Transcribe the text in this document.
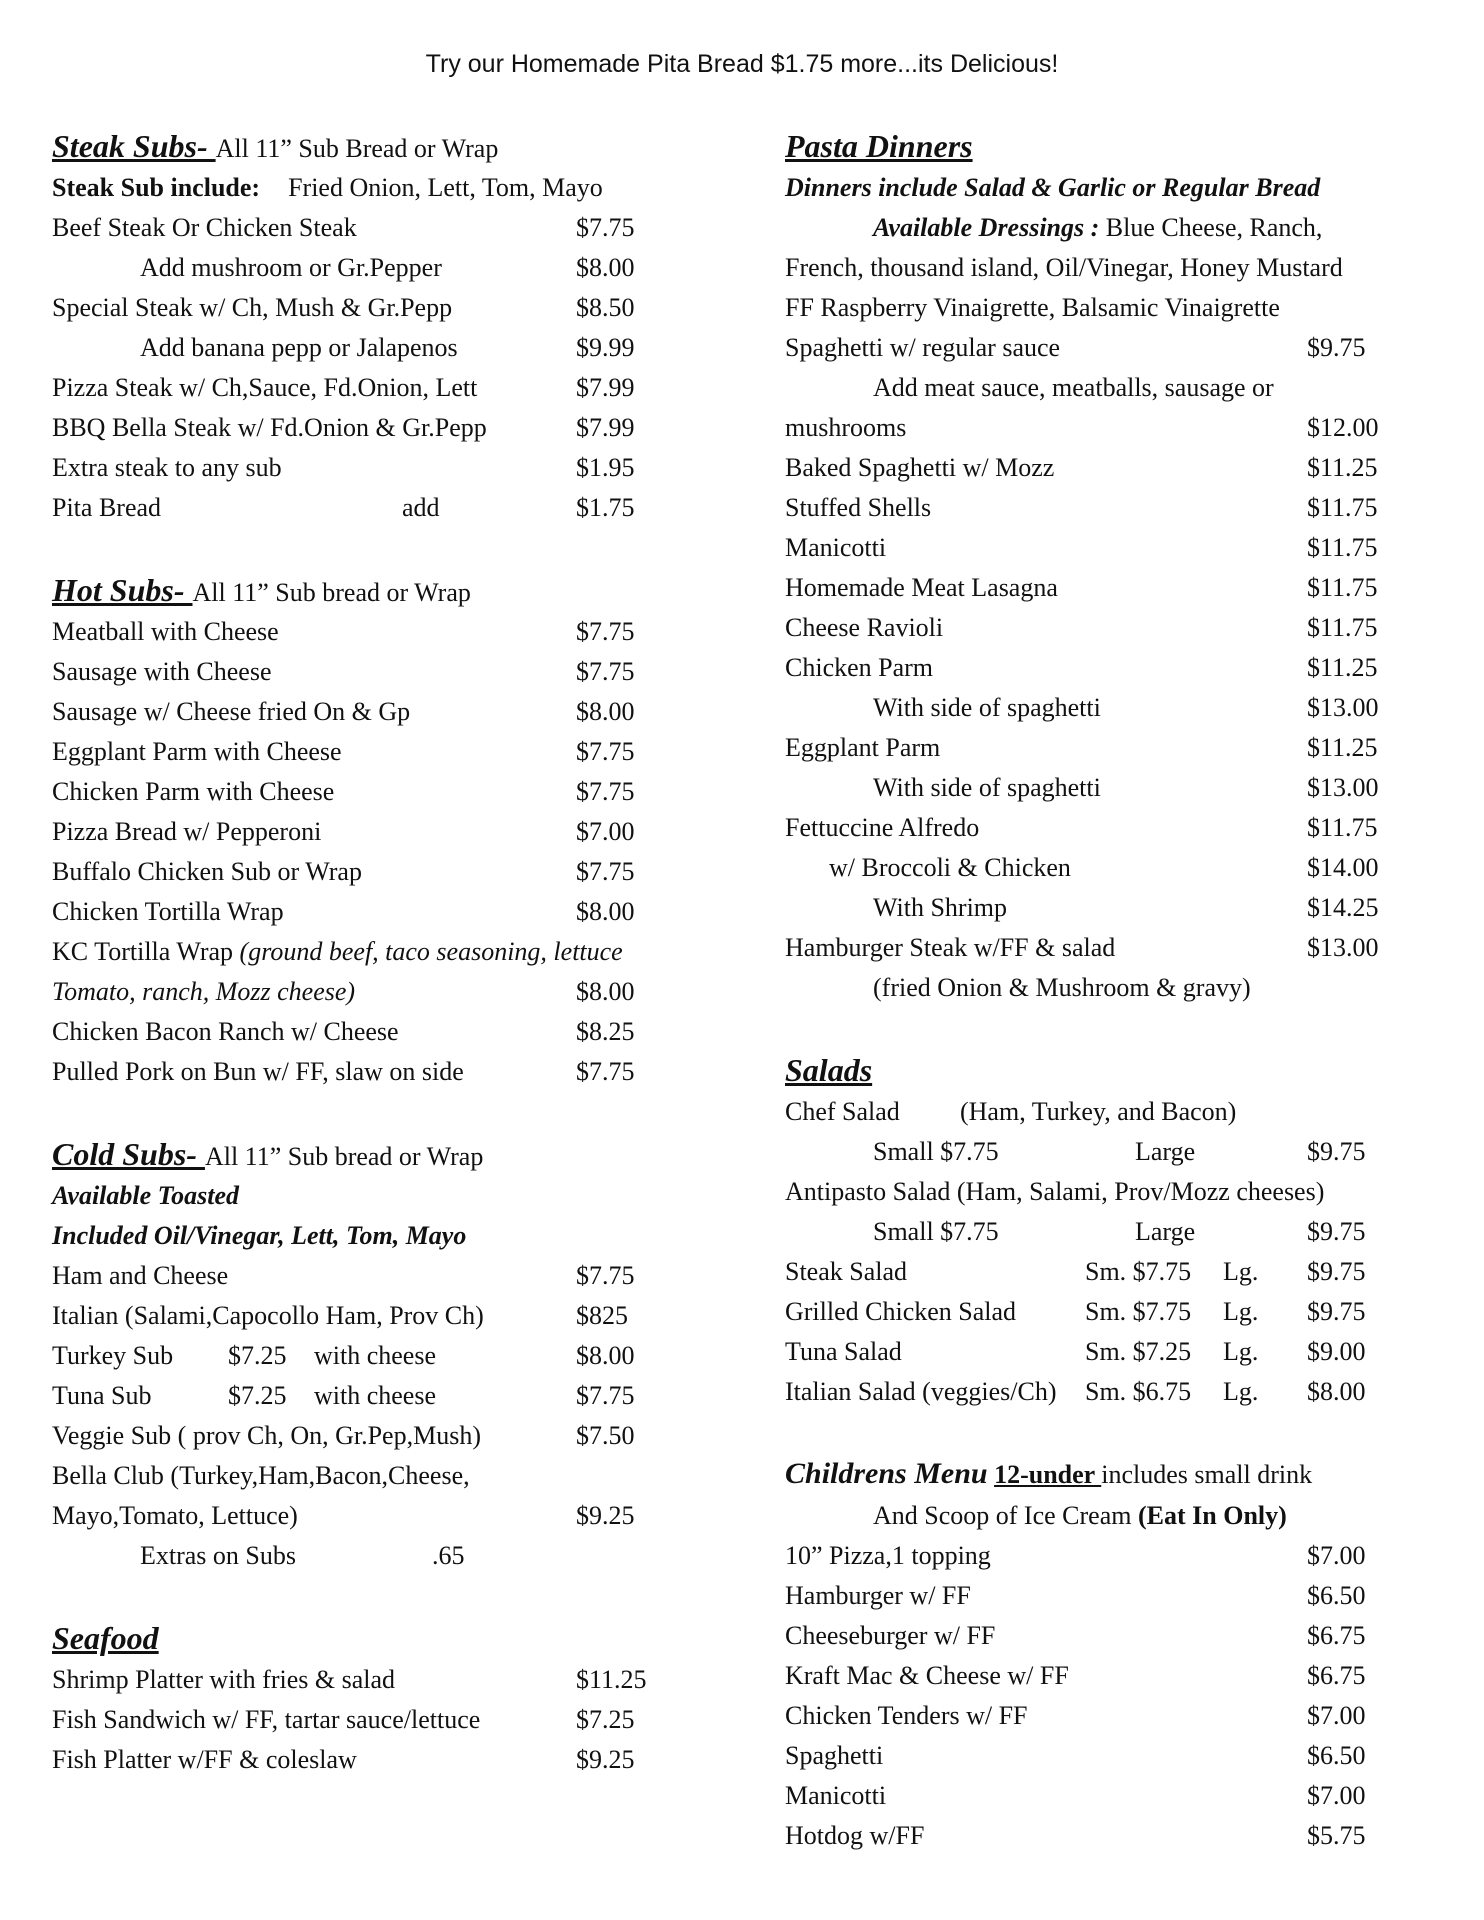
Try our Homemade Pita Bread $1.75 more...its Delicious!
Steak Subs- All 11” Sub Bread or Wrap
Steak Sub include: Fried Onion, Lett, Tom, Mayo
Beef Steak Or Chicken Steak	$7.75
Add mushroom or Gr.Pepper	$8.00
Special Steak w/ Ch, Mush & Gr.Pepp	$8.50
Add banana pepp or Jalapenos	$9.99
Pizza Steak w/ Ch,Sauce, Fd.Onion, Lett	$7.99
BBQ Bella Steak w/ Fd.Onion & Gr.Pepp	$7.99
Extra steak to any sub	$1.95
Pita Bread	add	$1.75
Hot Subs- All 11” Sub bread or Wrap
Meatball with Cheese	$7.75
Sausage with Cheese	$7.75
Sausage w/ Cheese fried On & Gp	$8.00
Eggplant Parm with Cheese	$7.75
Chicken Parm with Cheese	$7.75
Pizza Bread w/ Pepperoni	$7.00
Buffalo Chicken Sub or Wrap	$7.75
Chicken Tortilla Wrap	$8.00
KC Tortilla Wrap (ground beef, taco seasoning, lettuce
Tomato, ranch, Mozz cheese)	$8.00
Chicken Bacon Ranch w/ Cheese	$8.25
Pulled Pork on Bun w/ FF, slaw on side	$7.75
Cold Subs- All 11” Sub bread or Wrap
Available Toasted
Included Oil/Vinegar, Lett, Tom, Mayo
Ham and Cheese	$7.75
Italian (Salami,Capocollo Ham, Prov Ch)	$825
Turkey Sub $7.25 with cheese	$8.00
Tuna Sub	$7.25 with cheese	$7.75
Veggie Sub ( prov Ch, On, Gr.Pep,Mush)	$7.50
Bella Club (Turkey,Ham,Bacon,Cheese,
Mayo,Tomato, Lettuce)	$9.25
Extras on Subs	.65
Seafood
Shrimp Platter with fries & salad	$11.25
Fish Sandwich w/ FF, tartar sauce/lettuce	$7.25
Fish Platter w/FF & coleslaw	$9.25
Pasta Dinners
Dinners include Salad & Garlic or Regular Bread
Available Dressings : Blue Cheese, Ranch,
French, thousand island, Oil/Vinegar, Honey Mustard
FF Raspberry Vinaigrette, Balsamic Vinaigrette
Spaghetti w/ regular sauce	$9.75
Add meat sauce, meatballs, sausage or
mushrooms	$12.00
Baked Spaghetti w/ Mozz	$11.25
Stuffed Shells	$11.75
Manicotti	$11.75
Homemade Meat Lasagna	$11.75
Cheese Ravioli	$11.75
Chicken Parm	$11.25
With side of spaghetti	$13.00
Eggplant Parm	$11.25
With side of spaghetti	$13.00
Fettuccine Alfredo	$11.75
w/ Broccoli & Chicken	$14.00
With Shrimp	$14.25
Hamburger Steak w/FF & salad	$13.00
(fried Onion & Mushroom & gravy)
Salads
Chef Salad (Ham, Turkey, and Bacon)
Small $7.75	Large	$9.75
Antipasto Salad (Ham, Salami, Prov/Mozz cheeses)
Small $7.75	Large	$9.75
Steak Salad	Sm. $7.75 Lg. $9.75
Grilled Chicken Salad	Sm. $7.75 Lg. $9.75
Tuna Salad	Sm. $7.25 Lg. $9.00
Italian Salad (veggies/Ch) Sm. $6.75 Lg. $8.00
Childrens Menu 12-under includes small drink
And Scoop of Ice Cream (Eat In Only)
10” Pizza,1 topping	$7.00
Hamburger w/ FF	$6.50
Cheeseburger w/ FF	$6.75
Kraft Mac & Cheese w/ FF	$6.75
Chicken Tenders w/ FF	$7.00
Spaghetti	$6.50
Manicotti	$7.00
Hotdog w/FF	$5.75
